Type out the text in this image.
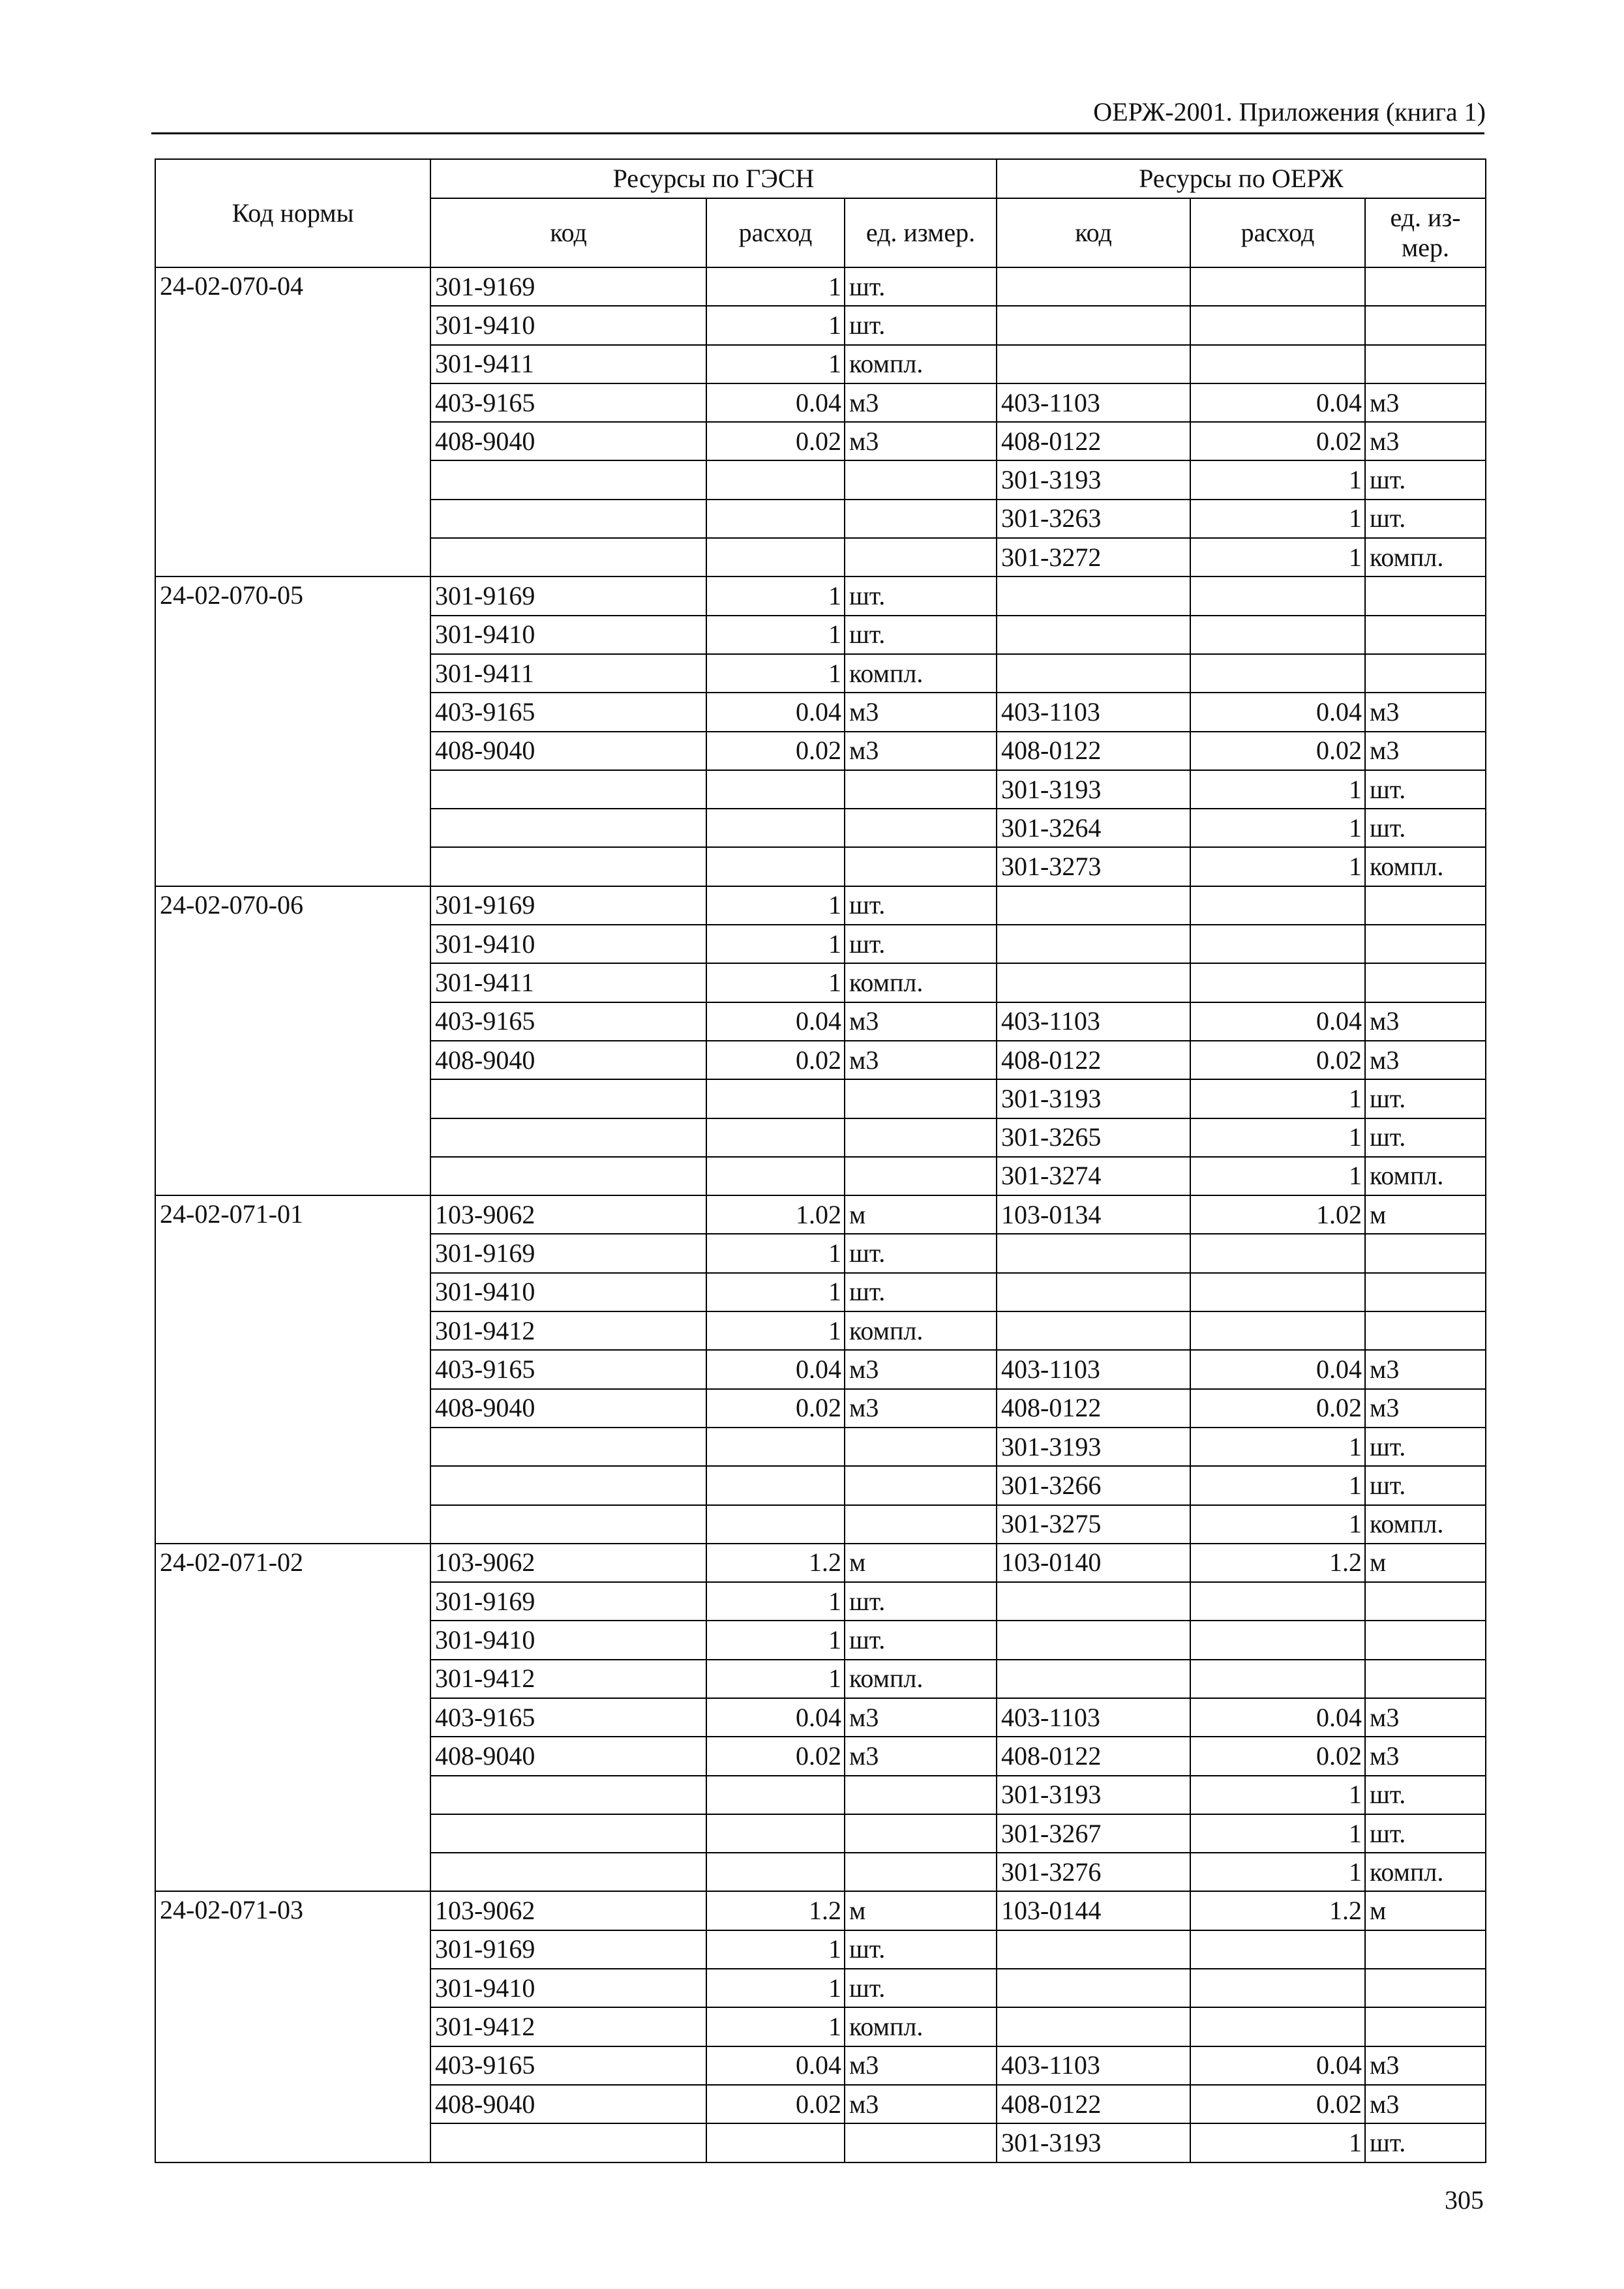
ОЕРЖ-2001. Приложения (книга 1)
Код нормы	Ресурсы по ГЭСН			Ресурсы по ОЕРЖ		
	код	расход	ед. измер.	код	расход	ед. из-мер.
24-02-070-04	301-9169	1	шт.			
	301-9410	1	шт.			
	301-9411	1	компл.			
	403-9165	0.04	м3	403-1103	0.04	м3
	408-9040	0.02	м3	408-0122	0.02	м3
				301-3193	1	шт.
				301-3263	1	шт.
				301-3272	1	компл.
24-02-070-05	301-9169	1	шт.			
	301-9410	1	шт.			
	301-9411	1	компл.			
	403-9165	0.04	м3	403-1103	0.04	м3
	408-9040	0.02	м3	408-0122	0.02	м3
				301-3193	1	шт.
				301-3264	1	шт.
				301-3273	1	компл.
24-02-070-06	301-9169	1	шт.			
	301-9410	1	шт.			
	301-9411	1	компл.			
	403-9165	0.04	м3	403-1103	0.04	м3
	408-9040	0.02	м3	408-0122	0.02	м3
				301-3193	1	шт.
				301-3265	1	шт.
				301-3274	1	компл.
24-02-071-01	103-9062	1.02	м	103-0134	1.02	м
	301-9169	1	шт.			
	301-9410	1	шт.			
	301-9412	1	компл.			
	403-9165	0.04	м3	403-1103	0.04	м3
	408-9040	0.02	м3	408-0122	0.02	м3
				301-3193	1	шт.
				301-3266	1	шт.
				301-3275	1	компл.
24-02-071-02	103-9062	1.2	м	103-0140	1.2	м
	301-9169	1	шт.			
	301-9410	1	шт.			
	301-9412	1	компл.			
	403-9165	0.04	м3	403-1103	0.04	м3
	408-9040	0.02	м3	408-0122	0.02	м3
				301-3193	1	шт.
				301-3267	1	шт.
				301-3276	1	компл.
24-02-071-03	103-9062	1.2	м	103-0144	1.2	м
	301-9169	1	шт.			
	301-9410	1	шт.			
	301-9412	1	компл.			
	403-9165	0.04	м3	403-1103	0.04	м3
	408-9040	0.02	м3	408-0122	0.02	м3
				301-3193	1	шт.
305
